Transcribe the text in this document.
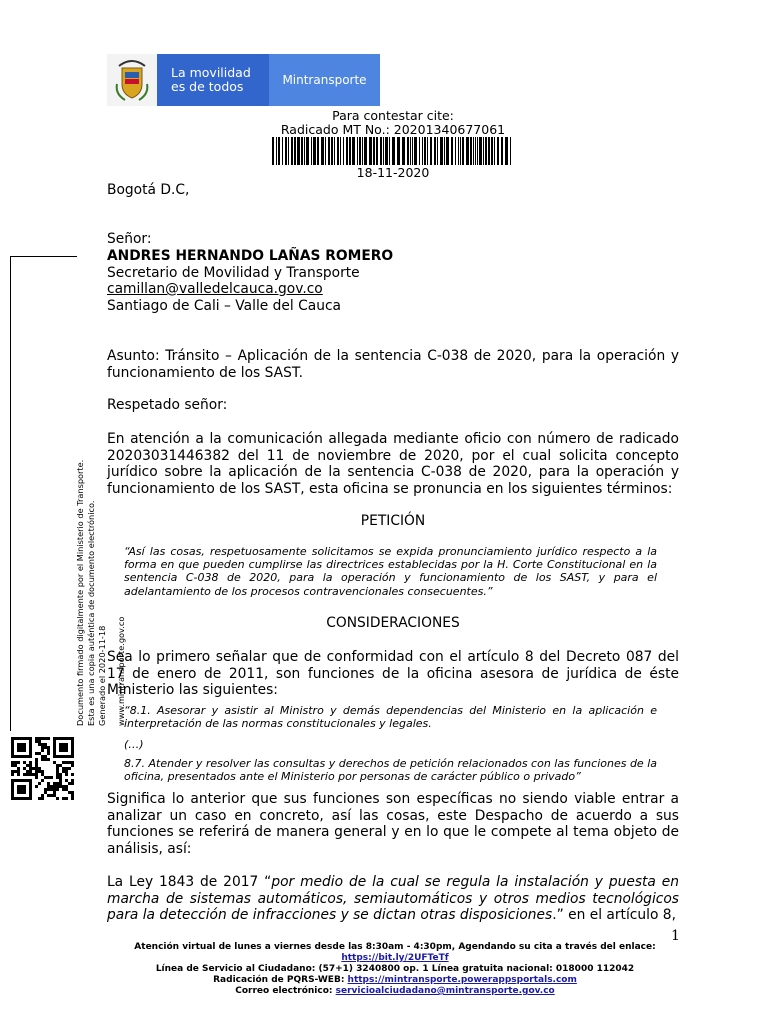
La movilidad
es de todos	Mintransporte
Para contestar cite:
Radicado MT No.: 20201340677061
18-11-2020
Bogotá D.C,
Señor:
ANDRES HERNANDO LAÑAS ROMERO
Secretario de Movilidad y Transporte
camillan@valledelcauca.gov.co
Santiago de Cali – Valle del Cauca
Asunto: Tránsito – Aplicación de la sentencia C-038 de 2020, para la operación y funcionamiento de los SAST.
Respetado señor:
En atención a la comunicación allegada mediante oficio con número de radicado 20203031446382 del 11 de noviembre de 2020, por el cual solicita concepto jurídico sobre la aplicación de la sentencia C-038 de 2020, para la operación y funcionamiento de los SAST, esta oficina se pronuncia en los siguientes términos:
PETICIÓN
“Así las cosas, respetuosamente solicitamos se expida pronunciamiento jurídico respecto a la forma en que pueden cumplirse las directrices establecidas por la H. Corte Constitucional en la sentencia C-038 de 2020, para la operación y funcionamiento de los SAST, y para el adelantamiento de los procesos contravencionales consecuentes.”
CONSIDERACIONES
Sea lo primero señalar que de conformidad con el artículo 8 del Decreto 087 del 17 de enero de 2011, son funciones de la oficina asesora de jurídica de éste Ministerio las siguientes:
“8.1. Asesorar y asistir al Ministro y demás dependencias del Ministerio en la aplicación e interpretación de las normas constitucionales y legales.
(…)
8.7. Atender y resolver las consultas y derechos de petición relacionados con las funciones de la oficina, presentados ante el Ministerio por personas de carácter público o privado”
Significa lo anterior que sus funciones son específicas no siendo viable entrar a analizar un caso en concreto, así las cosas, este Despacho de acuerdo a sus funciones se referirá de manera general y en lo que le compete al tema objeto de análisis, así:
La Ley 1843 de 2017 “por medio de la cual se regula la instalación y puesta en marcha de sistemas automáticos, semiautomáticos y otros medios tecnológicos para la detección de infracciones y se dictan otras disposiciones.” en el artículo 8,
1
Documento firmado digitalmente por el Ministerio de Transporte. Esta es una copia auténtica de documento electrónico. Generado el 2020-11-18 www.mintransporte.gov.co
Atención virtual de lunes a viernes desde las 8:30am - 4:30pm, Agendando su cita a través del enlace:
https://bit.ly/2UFTeTf
Línea de Servicio al Ciudadano: (57+1) 3240800 op. 1 Línea gratuita nacional: 018000 112042
Radicación de PQRS-WEB: https://mintransporte.powerappsportals.com
Correo electrónico: servicioalciudadano@mintransporte.gov.co
